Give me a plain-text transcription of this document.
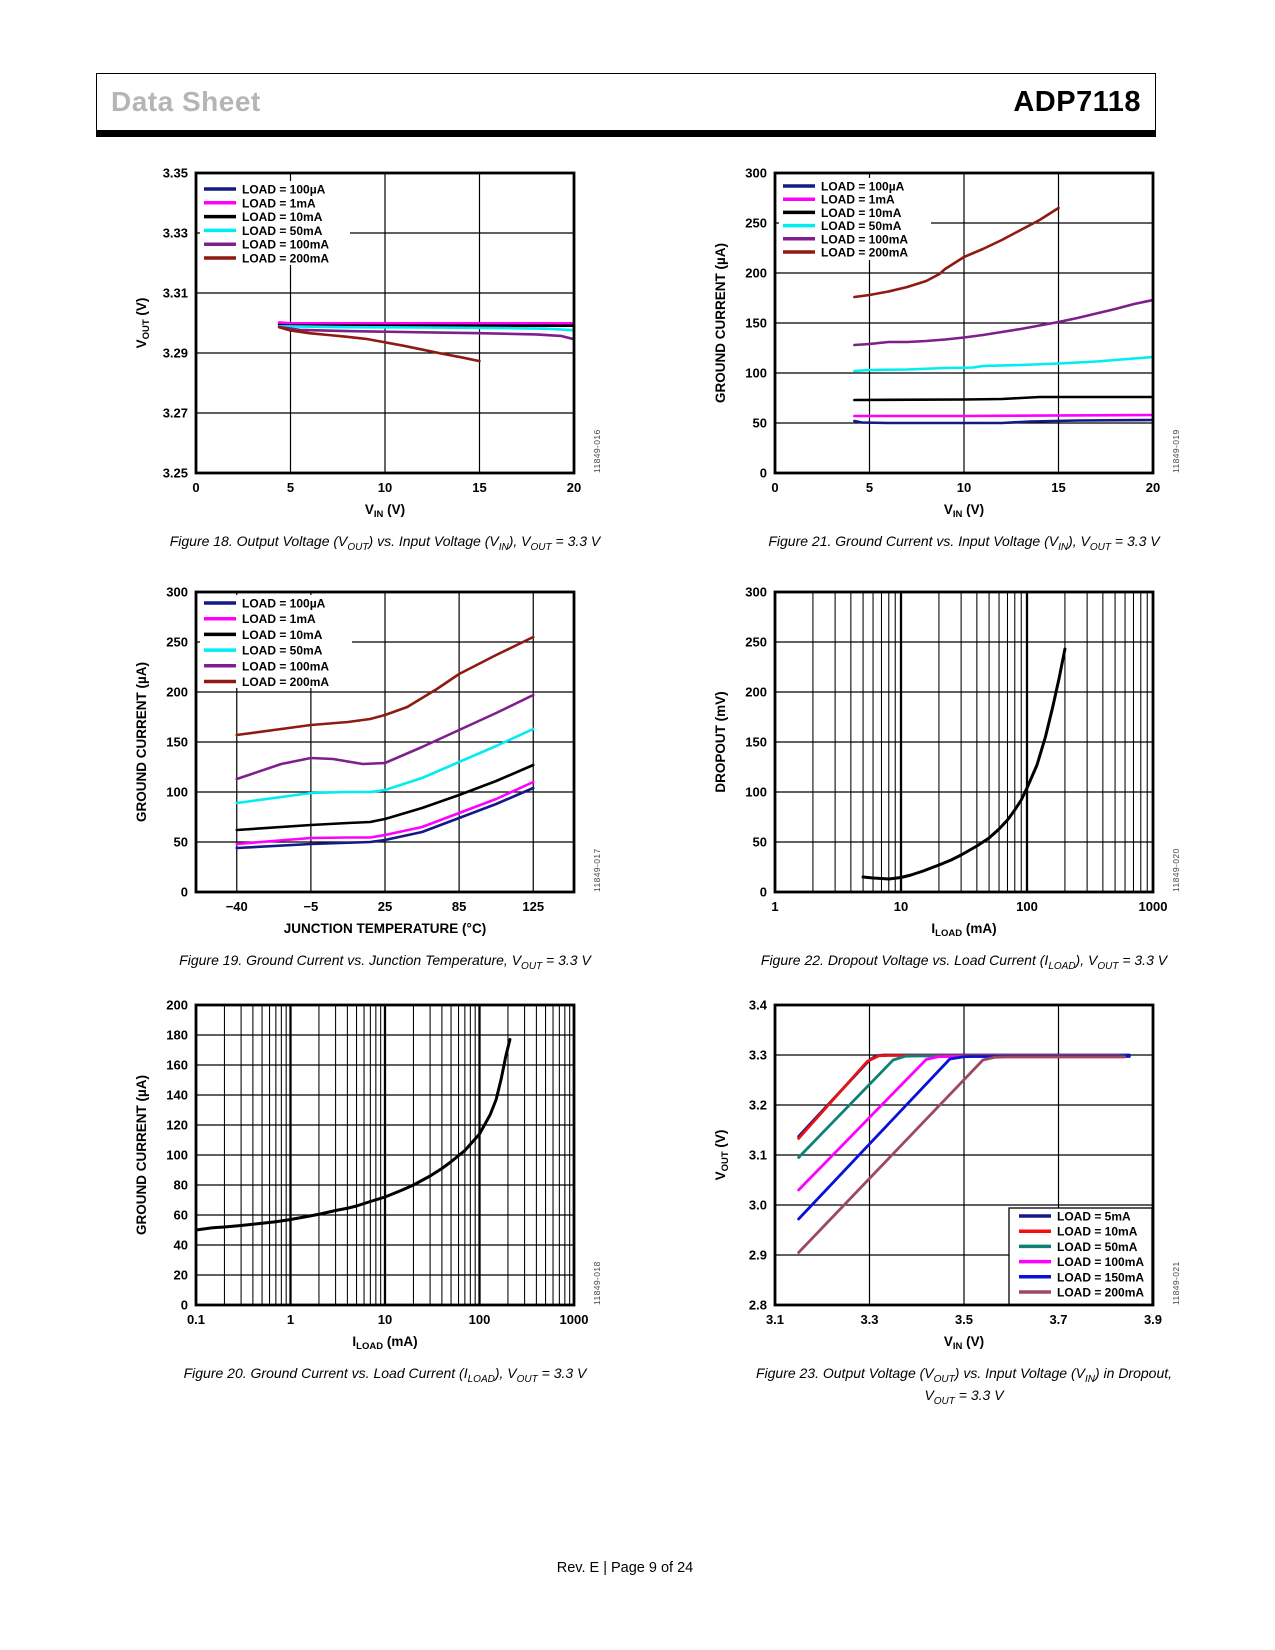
Data Sheet	ADP7118
LOAD = 100µA
LOAD = 1mA
LOAD = 10mA
LOAD = 50mA
LOAD = 100mA
LOAD = 200mA
3.25
3.27
3.29
3.31
3.33
3.35
0	5	10	15	20
$V_{IN}$ (V)
$V_{OUT}$ (V)
11849-016
Figure 18. Output Voltage $(V_{OUT})$ vs. Input Voltage $(V_{IN})$, $V_{OUT} = 3.3$ V
LOAD = 100µA
LOAD = 1mA
LOAD = 10mA
LOAD = 50mA
LOAD = 100mA
LOAD = 200mA
0
50
100
150
200
250
300
0	5	10	15	20
$V_{IN}$ (V)
GROUND CURRENT (µA)
11849-019
Figure 21. Ground Current vs. Input Voltage $(V_{IN})$, $V_{OUT} = 3.3$ V
LOAD = 100µA
LOAD = 1mA
LOAD = 10mA
LOAD = 50mA
LOAD = 100mA
LOAD = 200mA
0
50
100
150
200
250
300
−40	−5	25	85	125
JUNCTION TEMPERATURE (°C)
GROUND CURRENT (µA)
11849-017
Figure 19. Ground Current vs. Junction Temperature, $V_{OUT} = 3.3$ V
0
50
100
150
200
250
300
1	10	100	1000
$I_{LOAD}$ (mA)
DROPOUT (mV)
11849-020
Figure 22. Dropout Voltage vs. Load Current $(I_{LOAD})$, $V_{OUT} = 3.3$ V
0
20
40
60
80
100
120
140
160
180
200
0.1	1	10	100	1000
$I_{LOAD}$ (mA)
GROUND CURRENT (µA)
11849-018
Figure 20. Ground Current vs. Load Current $(I_{LOAD})$, $V_{OUT} = 3.3$ V
LOAD = 5mA
LOAD = 10mA
LOAD = 50mA
LOAD = 100mA
LOAD = 150mA
LOAD = 200mA
2.8
2.9
3.0
3.1
3.2
3.3
3.4
3.1	3.3	3.5	3.7	3.9
$V_{IN}$ (V)
$V_{OUT}$ (V)
11849-021
Figure 23. Output Voltage $(V_{OUT})$ vs. Input Voltage $(V_{IN})$ in Dropout,
$V_{OUT} = 3.3$ V
Rev. E | Page 9 of 24
